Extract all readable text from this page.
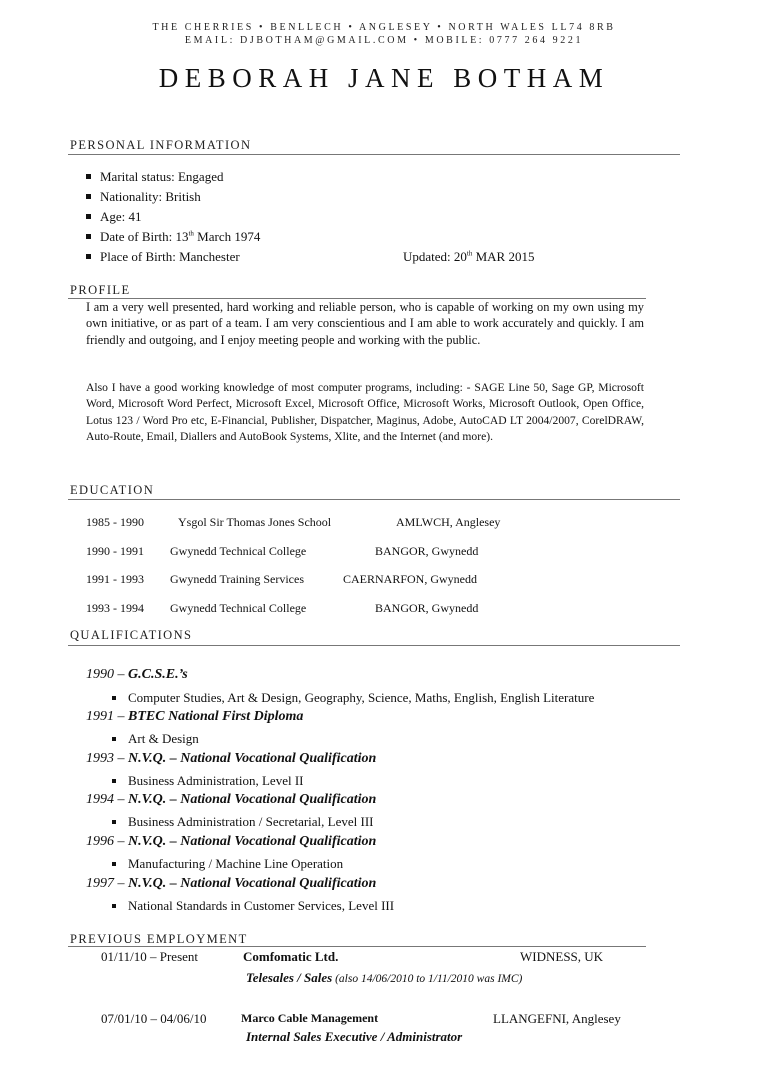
THE CHERRIES • BENLLECH • ANGLESEY • NORTH WALES LL74 8RB
EMAIL: DJBOTHAM@GMAIL.COM • MOBILE: 0777 264 9221
DEBORAH JANE BOTHAM
PERSONAL INFORMATION
Marital status: Engaged
Nationality: British
Age: 41
Date of Birth: 13th March 1974
Place of Birth: Manchester	Updated: 20th MAR 2015
PROFILE
I am a very well presented, hard working and reliable person, who is capable of working on my own using my own initiative, or as part of a team. I am very conscientious and I am able to work accurately and quickly. I am friendly and outgoing, and I enjoy meeting people and working with the public.
Also I have a good working knowledge of most computer programs, including: - SAGE Line 50, Sage GP, Microsoft Word, Microsoft Word Perfect, Microsoft Excel, Microsoft Office, Microsoft Works, Microsoft Outlook, Open Office, Lotus 123 / Word Pro etc, E-Financial, Publisher, Dispatcher, Maginus, Adobe, AutoCAD LT 2004/2007, CorelDRAW, Auto-Route, Email, Diallers and AutoBook Systems, Xlite, and the Internet (and more).
EDUCATION
1985 - 1990	Ysgol Sir Thomas Jones School	AMLWCH, Anglesey
1990 - 1991 Gwynedd Technical College	BANGOR, Gwynedd
1991 - 1993 Gwynedd Training Services	CAERNARFON, Gwynedd
1993 - 1994 Gwynedd Technical College	BANGOR, Gwynedd
QUALIFICATIONS
1990 – G.C.S.E.’s
Computer Studies, Art & Design, Geography, Science, Maths, English, English Literature
1991 – BTEC National First Diploma
Art & Design
1993 – N.V.Q. – National Vocational Qualification
Business Administration, Level II
1994 – N.V.Q. – National Vocational Qualification
Business Administration / Secretarial, Level III
1996 – N.V.Q. – National Vocational Qualification
Manufacturing / Machine Line Operation
1997 – N.V.Q. – National Vocational Qualification
National Standards in Customer Services, Level III
PREVIOUS EMPLOYMENT
01/11/10 – Present	Comfomatic Ltd.	WIDNESS, UK
Telesales / Sales (also 14/06/2010 to 1/11/2010 was IMC)
07/01/10 – 04/06/10	Marco Cable Management	LLANGEFNI, Anglesey
Internal Sales Executive / Administrator
